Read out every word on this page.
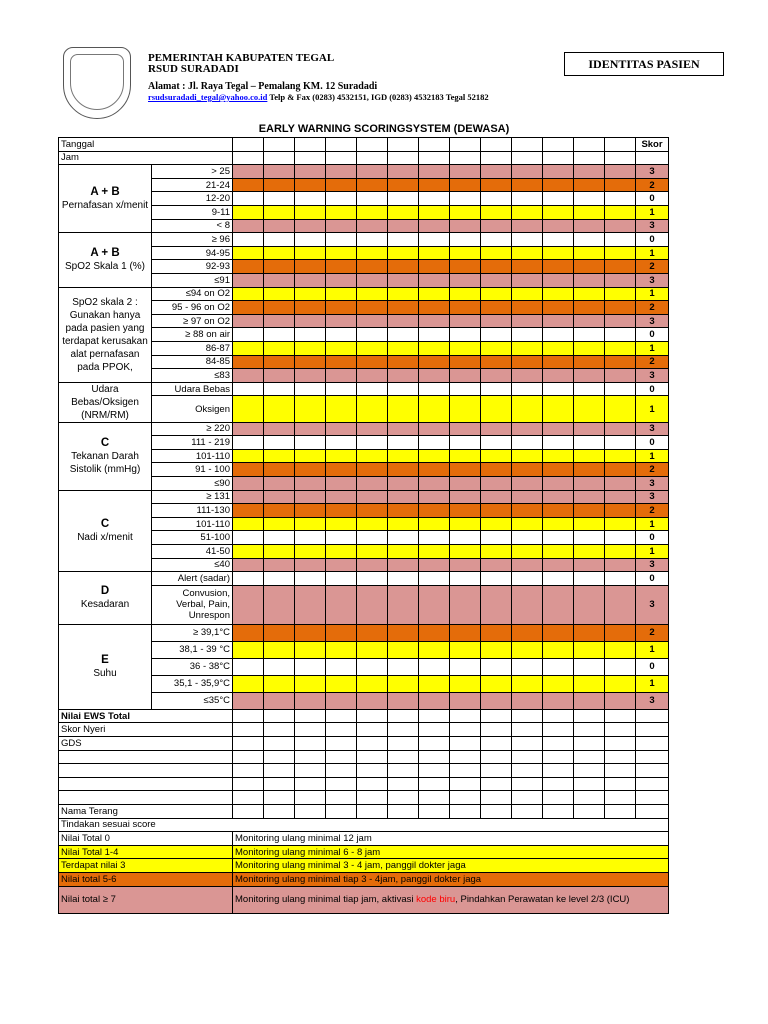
PEMERINTAH KABUPATEN TEGAL
RSUD SURADADI
Alamat : Jl. Raya Tegal – Pemalang KM. 12 Suradadi
rsudsuradadi_tegal@yahoo.co.id Telp & Fax (0283) 4532151, IGD (0283) 4532183 Tegal 52182
IDENTITAS PASIEN
EARLY WARNING SCORINGSYSTEM (DEWASA)
Tanggal															Skor
Jam															

A + B
Pernafasan x/menit	> 25														3
	21-24														2
	12-20														0
	9-11														1
	< 8														3

A + B
SpO2 Skala 1 (%)	≥ 96														0
	94-95														1
	92-93														2
	≤91														3
SpO2 skala 2 : Gunakan hanya pada pasien yang terdapat kerusakan alat pernafasan pada PPOK,	≤94 on O2														1
	95 - 96 on O2														2
	≥ 97 on O2														3
	≥ 88 on air														0
	86-87														1
	84-85														2
	≤83														3
Udara Bebas/Oksigen (NRM/RM)	Udara Bebas														0
	Oksigen														1

C
Tekanan Darah Sistolik (mmHg)	≥ 220														3
	111 - 219														0
	101-110														1
	91 - 100														2
	≤90														3

C
Nadi x/menit	≥ 131														3
	111-130														2
	101-110														1
	51-100														0
	41-50														1
	≤40														3

D
Kesadaran	Alert (sadar)														0
	Convusion, Verbal, Pain, Unrespon														3

E
Suhu	≥ 39,1°C														2
	38,1 - 39 °C														1
	36 - 38°C														0
	35,1 - 35,9°C														1
	≤35°C														3
Nilai EWS Total															
Skor Nyeri															
GDS															

Nama Terang															
Tindakan sesuai score															
Nilai Total 0		Monitoring ulang minimal 12 jam													
Nilai Total 1-4		Monitoring ulang minimal 6 - 8 jam													
Terdapat nilai 3		Monitoring ulang minimal 3 - 4 jam, panggil dokter jaga													
Nilai total 5-6		Monitoring ulang minimal tiap 3 - 4jam, panggil dokter jaga													
Nilai total ≥ 7		Monitoring ulang minimal tiap jam, aktivasi kode biru, Pindahkan Perawatan ke level 2/3 (ICU)													
